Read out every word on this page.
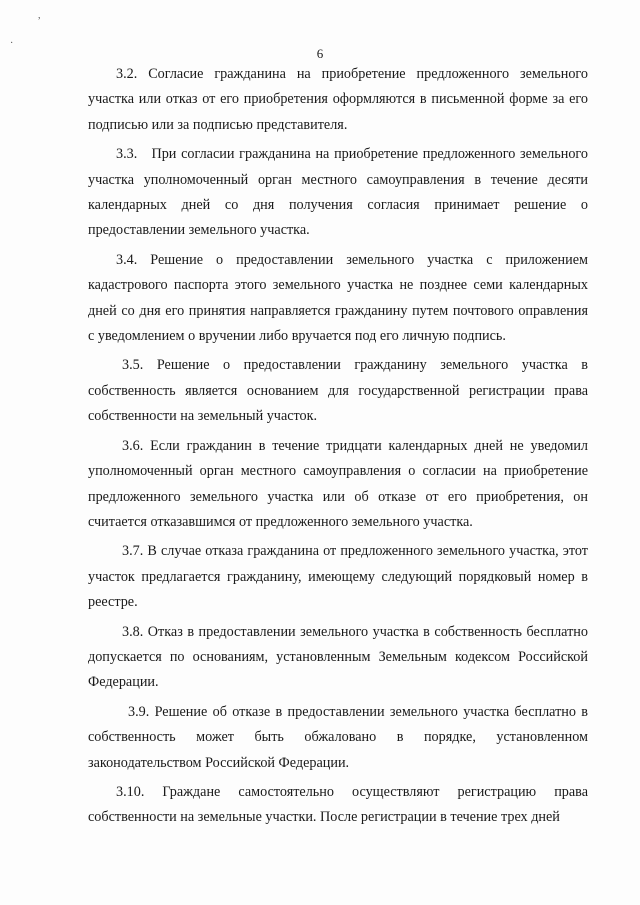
,
·
6

3.2. Согласие гражданина на приобретение предложенного земельного участка или отказ от его приобретения оформляются в письменной форме за его подписью или за подписью представителя.

3.3. При согласии гражданина на приобретение предложенного земельного участка уполномоченный орган местного самоуправления в течение десяти календарных дней со дня получения согласия принимает решение о предоставлении земельного участка.

3.4. Решение о предоставлении земельного участка с приложением кадастрового паспорта этого земельного участка не позднее семи календарных дней со дня его принятия направляется гражданину путем почтового оправления с уведомлением о вручении либо вручается под его личную подпись.

3.5. Решение о предоставлении гражданину земельного участка в собственность является основанием для государственной регистрации права собственности на земельный участок.

3.6. Если гражданин в течение тридцати календарных дней не уведомил уполномоченный орган местного самоуправления о согласии на приобретение предложенного земельного участка или об отказе от его приобретения, он считается отказавшимся от предложенного земельного участка.

3.7. В случае отказа гражданина от предложенного земельного участка, этот участок предлагается гражданину, имеющему следующий порядковый номер в реестре.

3.8. Отказ в предоставлении земельного участка в собственность бесплатно допускается по основаниям, установленным Земельным кодексом Российской Федерации.

3.9. Решение об отказе в предоставлении земельного участка бесплатно в собственность может быть обжаловано в порядке, установленном законодательством Российской Федерации.

3.10. Граждане самостоятельно осуществляют регистрацию права собственности на земельные участки. После регистрации в течение трех дней
